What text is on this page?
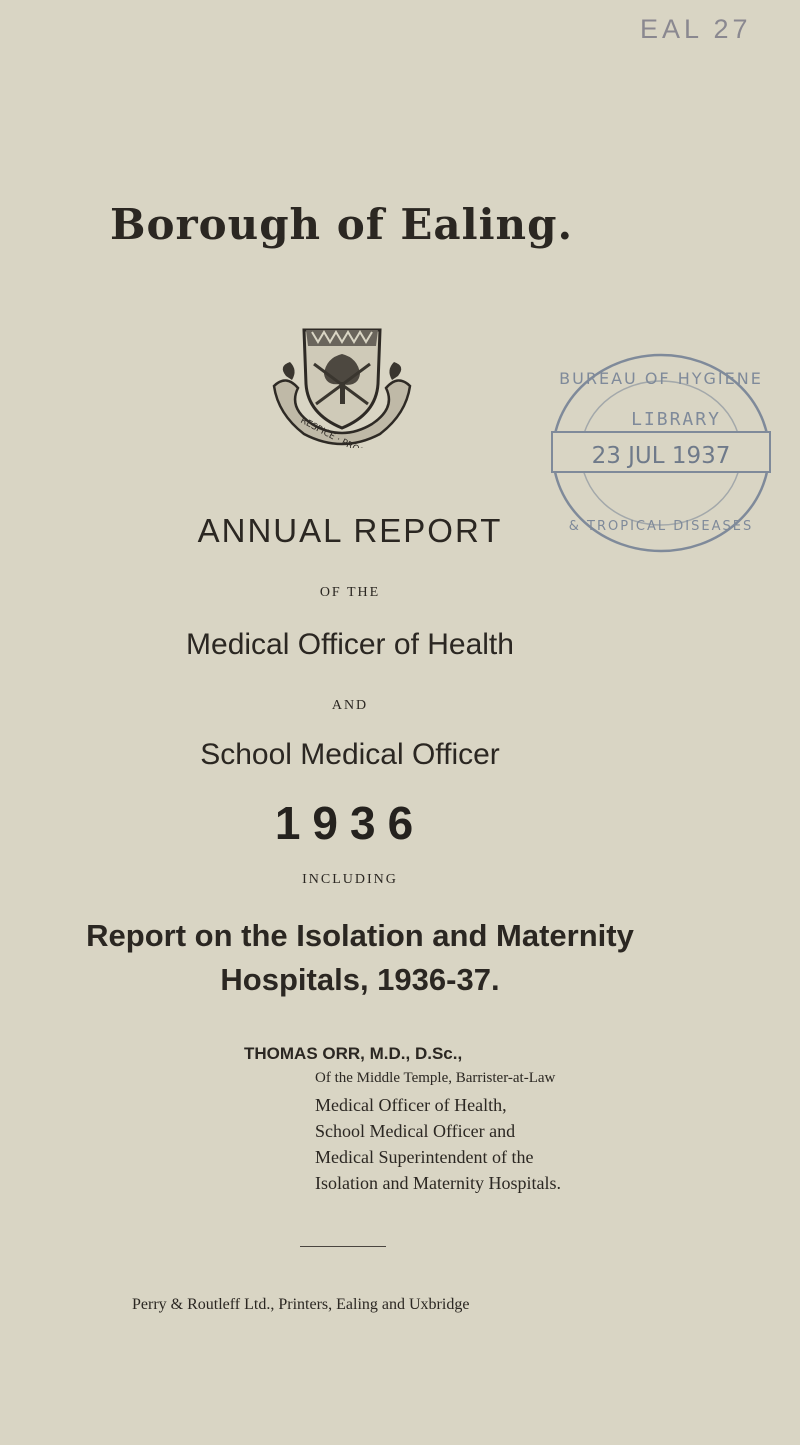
EAL 27
Borough of Ealing.
BUREAU OF HYGIENE
LIBRARY
23 JUL 1937
& TROPICAL DISEASES
ANNUAL REPORT
OF THE
Medical Officer of Health
AND
School Medical Officer
1936
INCLUDING
Report on the Isolation and Maternity
Hospitals, 1936-37.
THOMAS ORR, M.D., D.Sc.,
Of the Middle Temple, Barrister-at-Law
Medical Officer of Health,
School Medical Officer and
Medical Superintendent of the
Isolation and Maternity Hospitals.
Perry & Routleff Ltd., Printers, Ealing and Uxbridge
